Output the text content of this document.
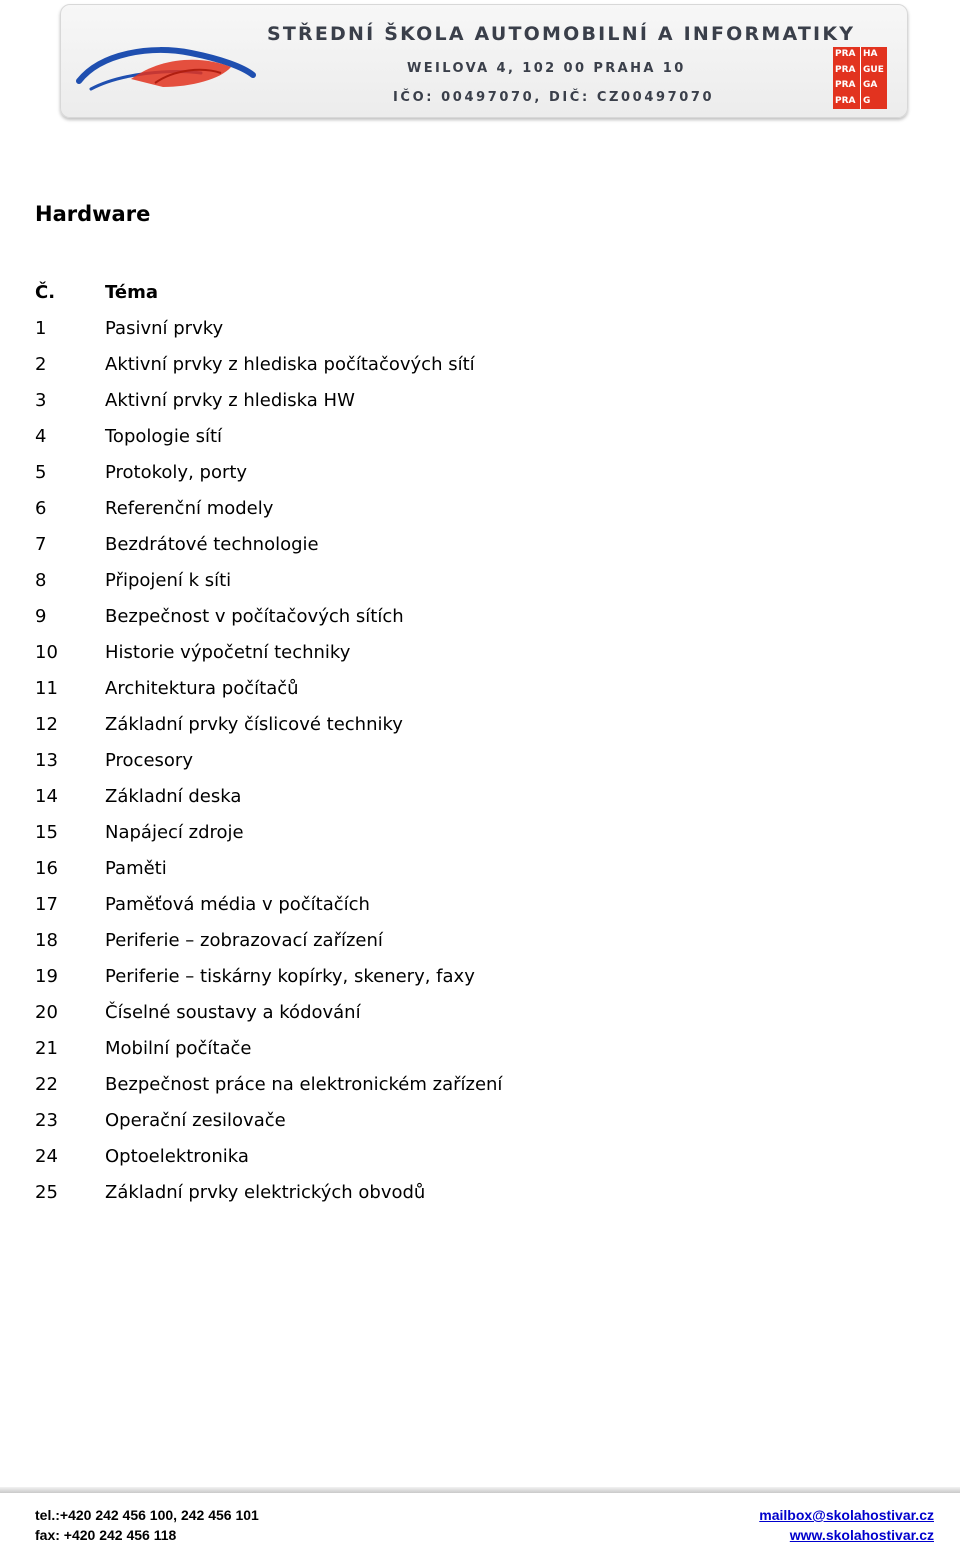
STŘEDNÍ ŠKOLA AUTOMOBILNÍ A INFORMATIKY
WEILOVA 4, 102 00 PRAHA 10
IČO: 00497070, DIČ: CZ00497070
PRA HA
PRA GUE
PRA GA
PRA G
Hardware
Č.	Téma
1	Pasivní prvky
2	Aktivní prvky z hlediska počítačových sítí
3	Aktivní prvky z hlediska HW
4	Topologie sítí
5	Protokoly, porty
6	Referenční modely
7	Bezdrátové technologie
8	Připojení k síti
9	Bezpečnost v počítačových sítích
10	Historie výpočetní techniky
11	Architektura počítačů
12	Základní prvky číslicové techniky
13	Procesory
14	Základní deska
15	Napájecí zdroje
16	Paměti
17	Paměťová média v počítačích
18	Periferie – zobrazovací zařízení
19	Periferie – tiskárny kopírky, skenery, faxy
20	Číselné soustavy a kódování
21	Mobilní počítače
22	Bezpečnost práce na elektronickém zařízení
23	Operační zesilovače
24	Optoelektronika
25	Základní prvky elektrických obvodů
tel.:+420 242 456 100, 242 456 101
fax: +420 242 456 118
mailbox@skolahostivar.cz
www.skolahostivar.cz
